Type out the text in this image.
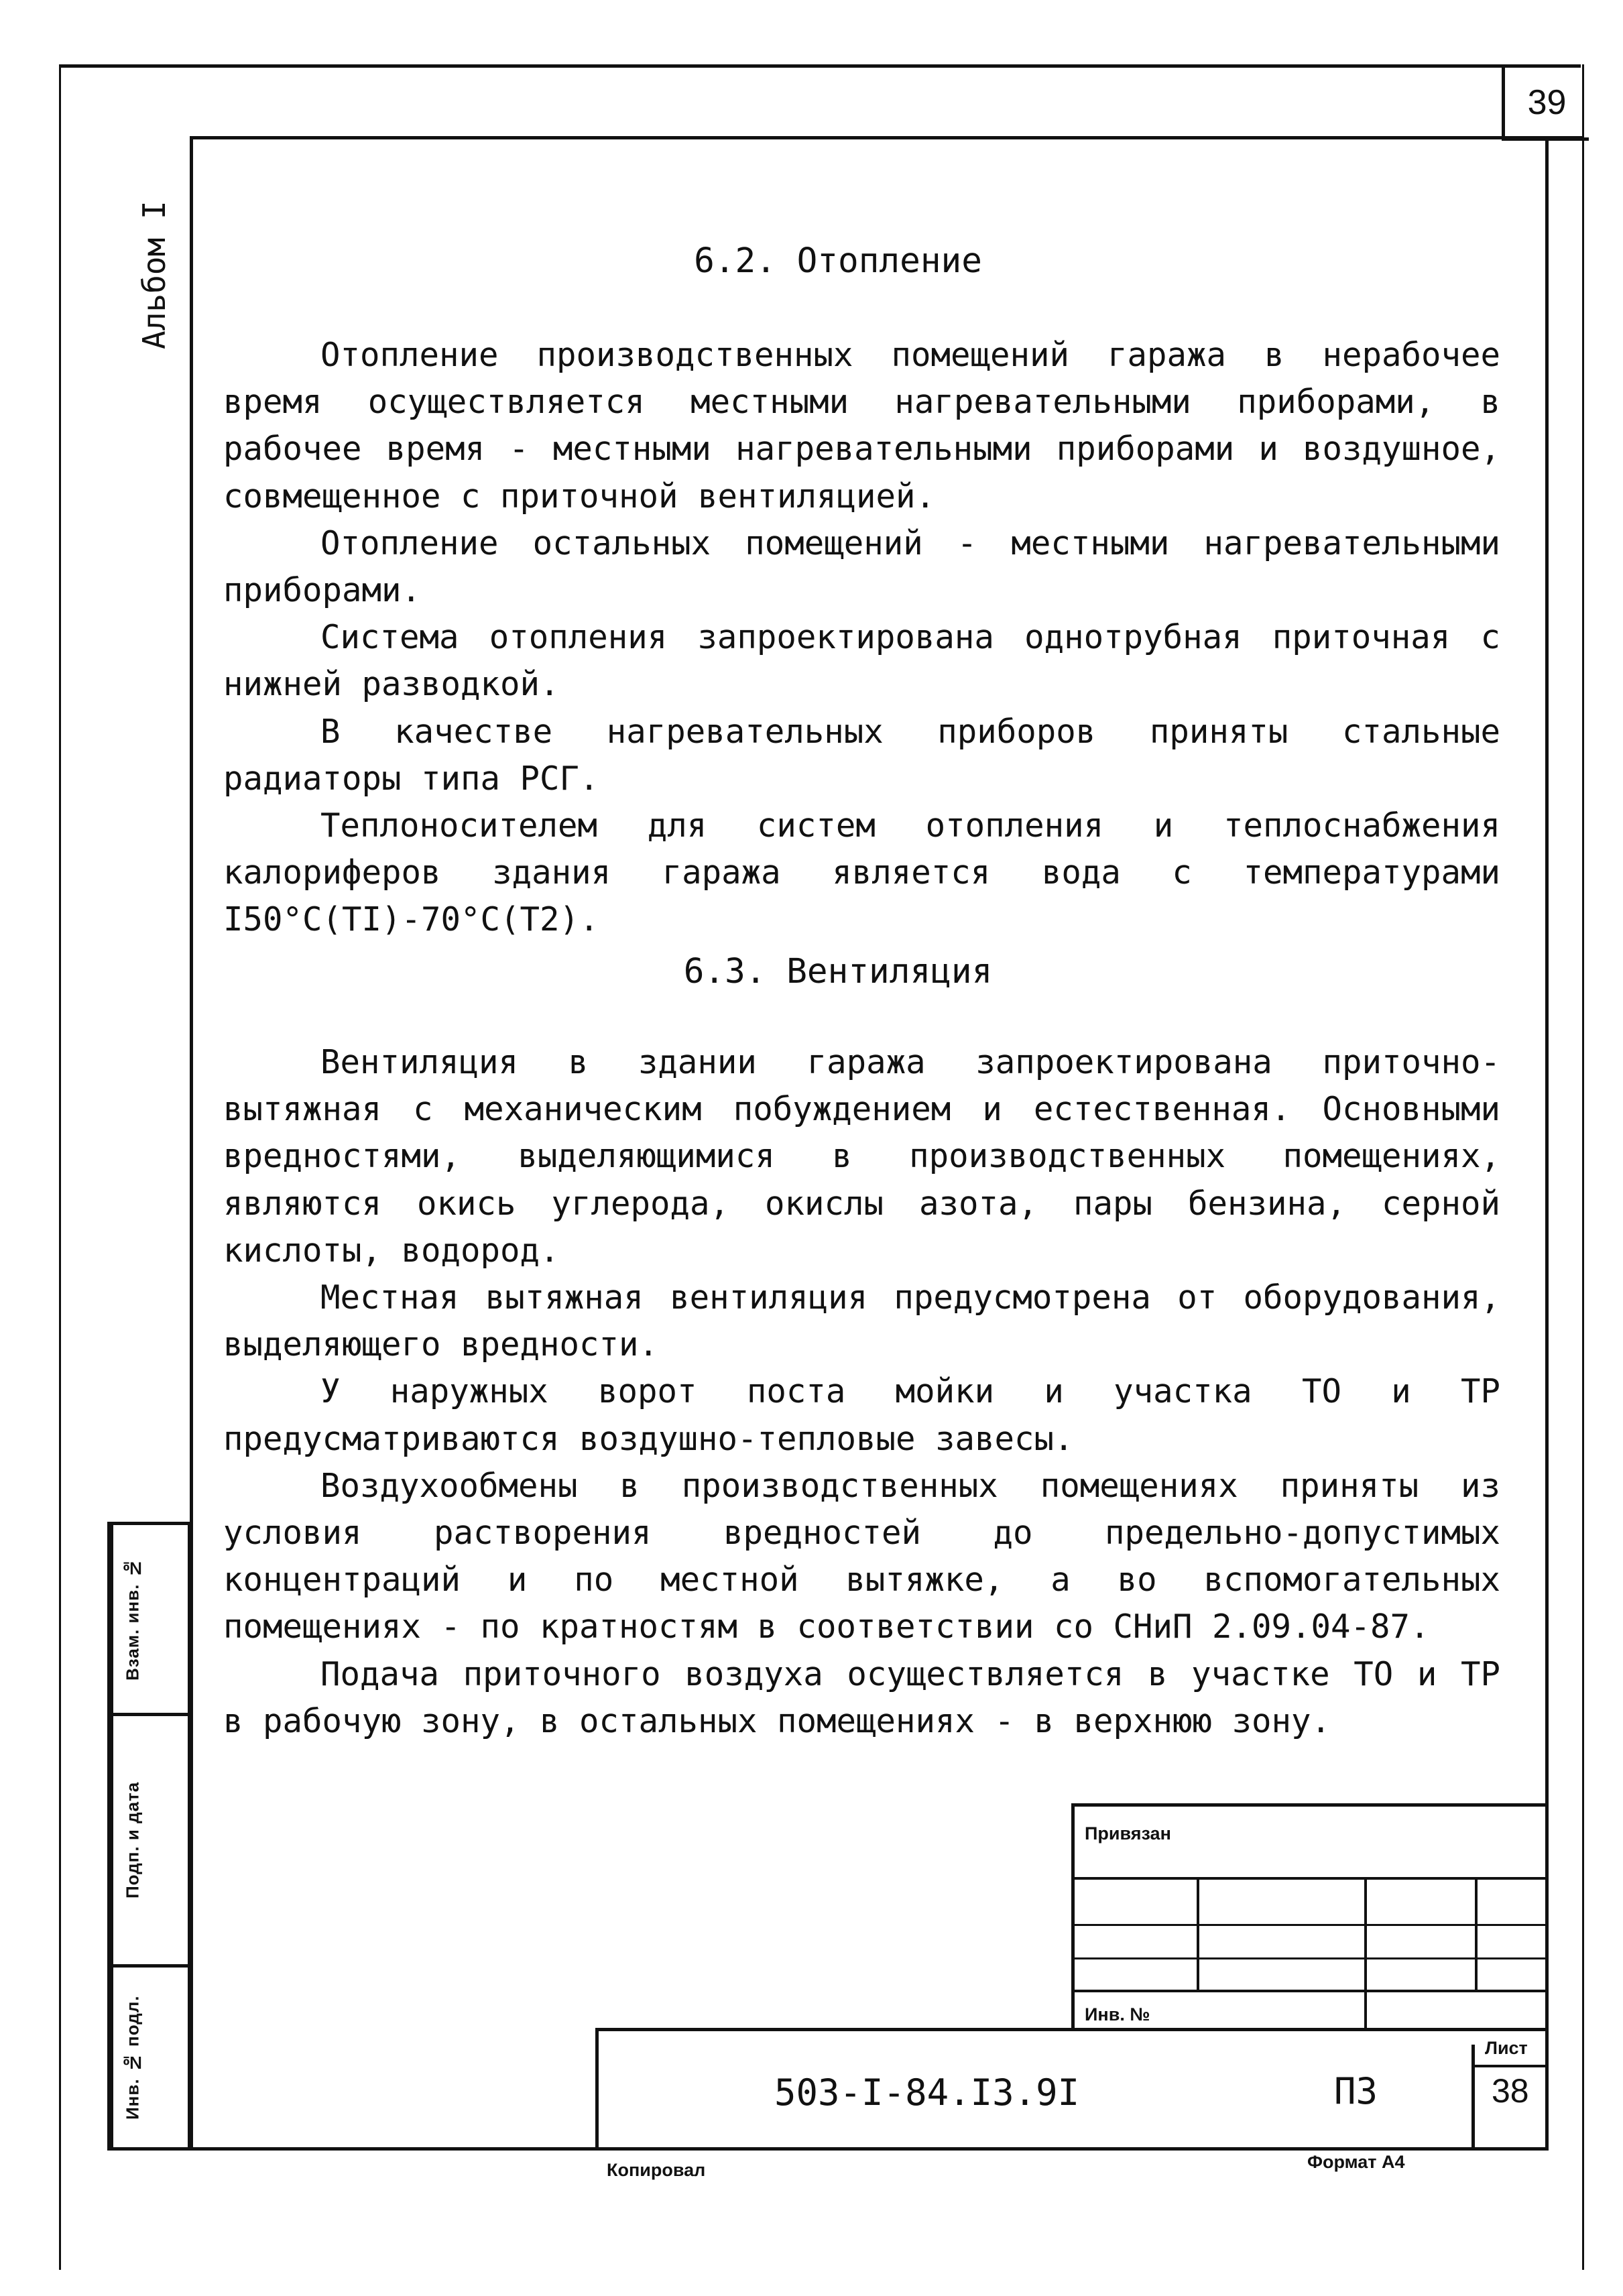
39
Альбом I	6.2. Отопление

Отопление производственных помещений гаража в нерабочее время осуществляется местными нагревательными приборами, в рабочее время - местными нагревательными приборами и воздушное, совмещенное с приточной вентиляцией.

Отопление остальных помещений - местными нагревательными приборами.

Система отопления запроектирована однотрубная приточная с нижней разводкой.

В качестве нагревательных приборов приняты стальные радиаторы типа РСГ.

Теплоносителем для систем отопления и теплоснабжения калориферов здания гаража является вода с температурами I50°C(TI)-70°C(T2).

6.3. Вентиляция

Вентиляция в здании гаража запроектирована приточно-вытяжная с механическим побуждением и естественная. Основными вредностями, выделяющимися в производственных помещениях, являются окись углерода, окислы азота, пары бензина, серной кислоты, водород.

Местная вытяжная вентиляция предусмотрена от оборудования, выделяющего вредности.

У наружных ворот поста мойки и участка ТО и ТР предусматриваются воздушно-тепловые завесы.

Воздухообмены в производственных помещениях приняты из условия растворения вредностей до предельно-допустимых концентраций и по местной вытяжке, а во вспомогательных помещениях - по кратностям в соответствии со СНиП 2.09.04-87.

Подача приточного воздуха осуществляется в участке ТО и ТР в рабочую зону, в остальных помещениях - в верхнюю зону.

Взам. инв. №
Подп. и дата
Инв. № подл.
Привязан
Инв. №
503-I-84.I3.9I	ПЗ
Лист
38
Копировал	Формат А4
